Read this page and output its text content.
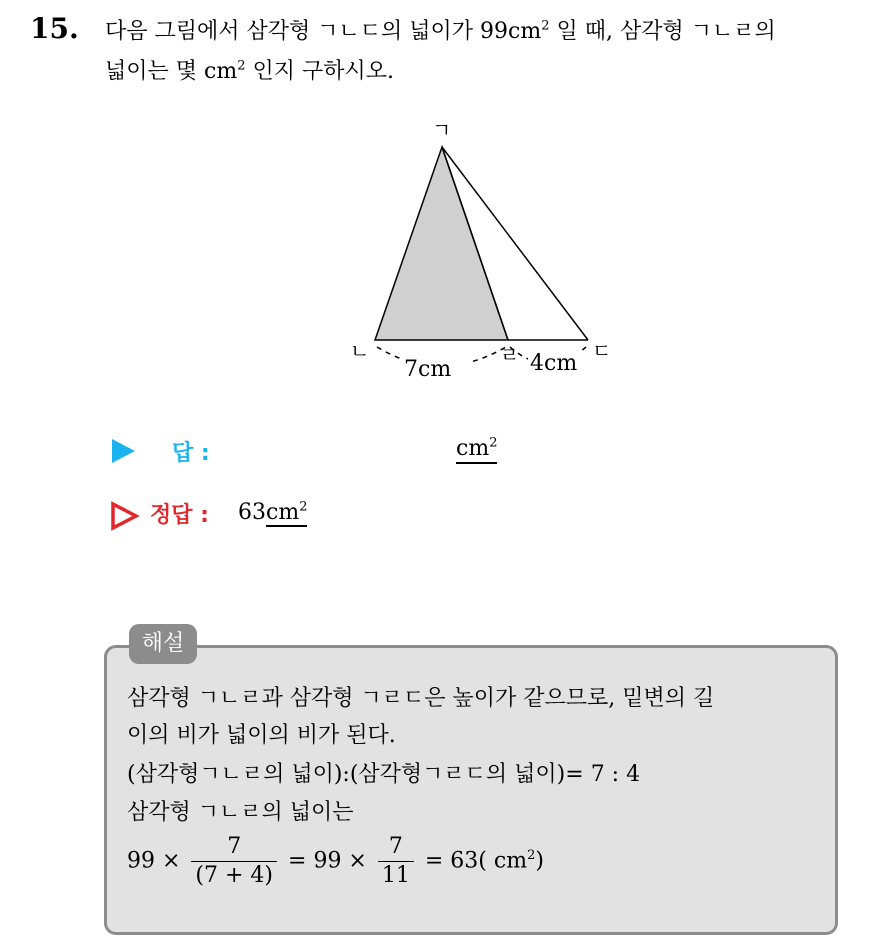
15. 다음 그림에서 삼각형 ㄱㄴㄷ의 넓이가 $99cm^2$ 일 때, 삼각형 ㄱㄴㄹ의
넓이는 몇 $cm^2$ 인지 구하시오.
ㄱ
ㄴ	ㄹ	ㄷ
7cm	4cm
답 :	$cm^2$
정답 : $63cm^2$
해설
삼각형 ㄱㄴㄹ과 삼각형 ㄱㄹㄷ은 높이가 같으므로, 밑변의 길
이의 비가 넓이의 비가 된다.
(삼각형ㄱㄴㄹ의 넓이):(삼각형ㄱㄹㄷ의 넓이)= 7 : 4
삼각형 ㄱㄴㄹ의 넓이는
$99 \times \frac{7}{(7 + 4)} = 99 \times \frac{7}{11} = 63$( $cm^2$)
